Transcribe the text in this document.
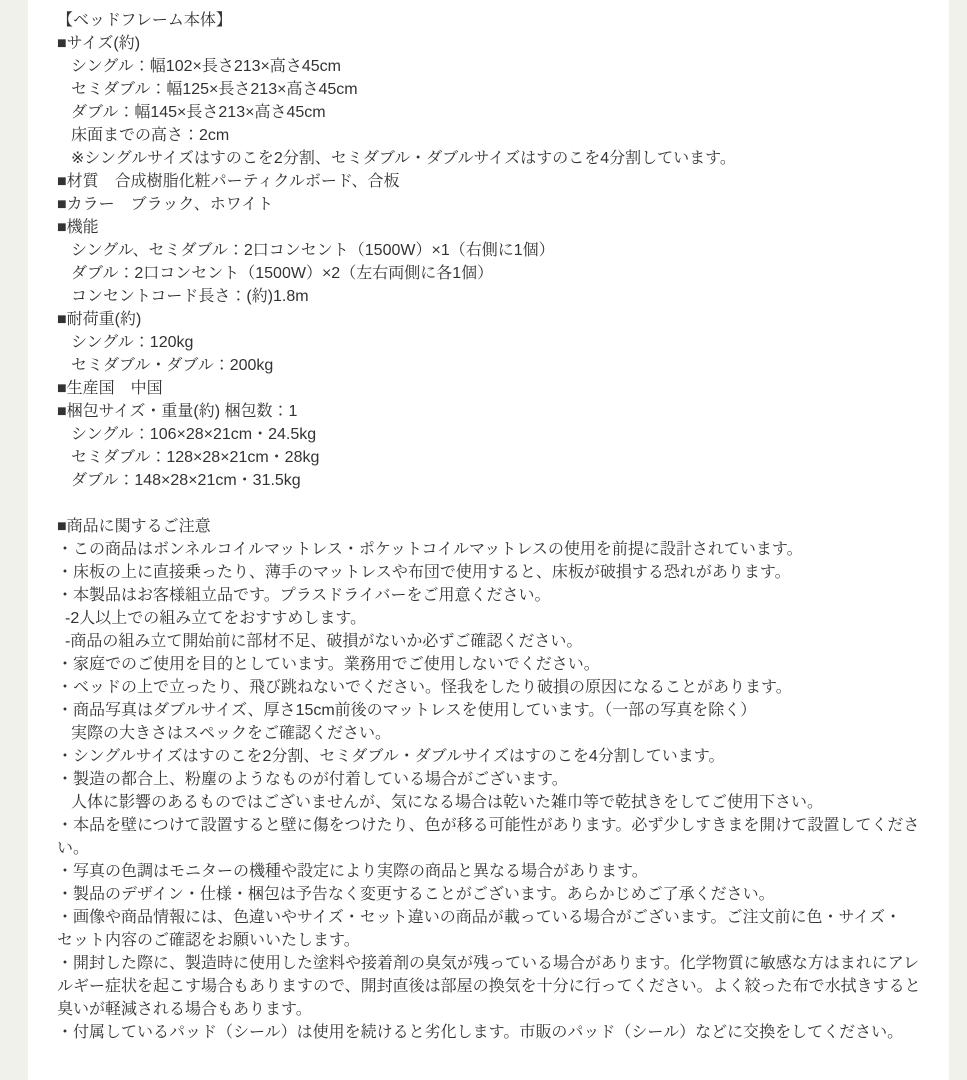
【ベッドフレーム本体】
■サイズ(約)
シングル：幅102×長さ213×高さ45cm
セミダブル：幅125×長さ213×高さ45cm
ダブル：幅145×長さ213×高さ45cm
床面までの高さ：2cm
※シングルサイズはすのこを2分割、セミダブル・ダブルサイズはすのこを4分割しています。
■材質　合成樹脂化粧パーティクルボード、合板
■カラー　ブラック、ホワイト
■機能
シングル、セミダブル：2口コンセント（1500W）×1（右側に1個）
ダブル：2口コンセント（1500W）×2（左右両側に各1個）
コンセントコード長さ：(約)1.8m
■耐荷重(約)
シングル：120kg
セミダブル・ダブル：200kg
■生産国　中国
■梱包サイズ・重量(約) 梱包数：1
シングル：106×28×21cm・24.5kg
セミダブル：128×28×21cm・28kg
ダブル：148×28×21cm・31.5kg
■商品に関するご注意
・この商品はボンネルコイルマットレス・ポケットコイルマットレスの使用を前提に設計されています。
・床板の上に直接乗ったり、薄手のマットレスや布団で使用すると、床板が破損する恐れがあります。
・本製品はお客様組立品です。プラスドライバーをご用意ください。
-2人以上での組み立てをおすすめします。
-商品の組み立て開始前に部材不足、破損がないか必ずご確認ください。
・家庭でのご使用を目的としています。業務用でご使用しないでください。
・ベッドの上で立ったり、飛び跳ねないでください。怪我をしたり破損の原因になることがあります。
・商品写真はダブルサイズ、厚さ15cm前後のマットレスを使用しています。（一部の写真を除く）
実際の大きさはスペックをご確認ください。
・シングルサイズはすのこを2分割、セミダブル・ダブルサイズはすのこを4分割しています。
・製造の都合上、粉塵のようなものが付着している場合がございます。
人体に影響のあるものではございませんが、気になる場合は乾いた雑巾等で乾拭きをしてご使用下さい。
・本品を壁につけて設置すると壁に傷をつけたり、色が移る可能性があります。必ず少しすきまを開けて設置してくださ
い。
・写真の色調はモニターの機種や設定により実際の商品と異なる場合があります。
・製品のデザイン・仕様・梱包は予告なく変更することがございます。あらかじめご了承ください。
・画像や商品情報には、色違いやサイズ・セット違いの商品が載っている場合がございます。ご注文前に色・サイズ・
セット内容のご確認をお願いいたします。
・開封した際に、製造時に使用した塗料や接着剤の臭気が残っている場合があります。化学物質に敏感な方はまれにアレ
ルギー症状を起こす場合もありますので、開封直後は部屋の換気を十分に行ってください。よく絞った布で水拭きすると
臭いが軽減される場合もあります。
・付属しているパッド（シール）は使用を続けると劣化します。市販のパッド（シール）などに交換をしてください。
